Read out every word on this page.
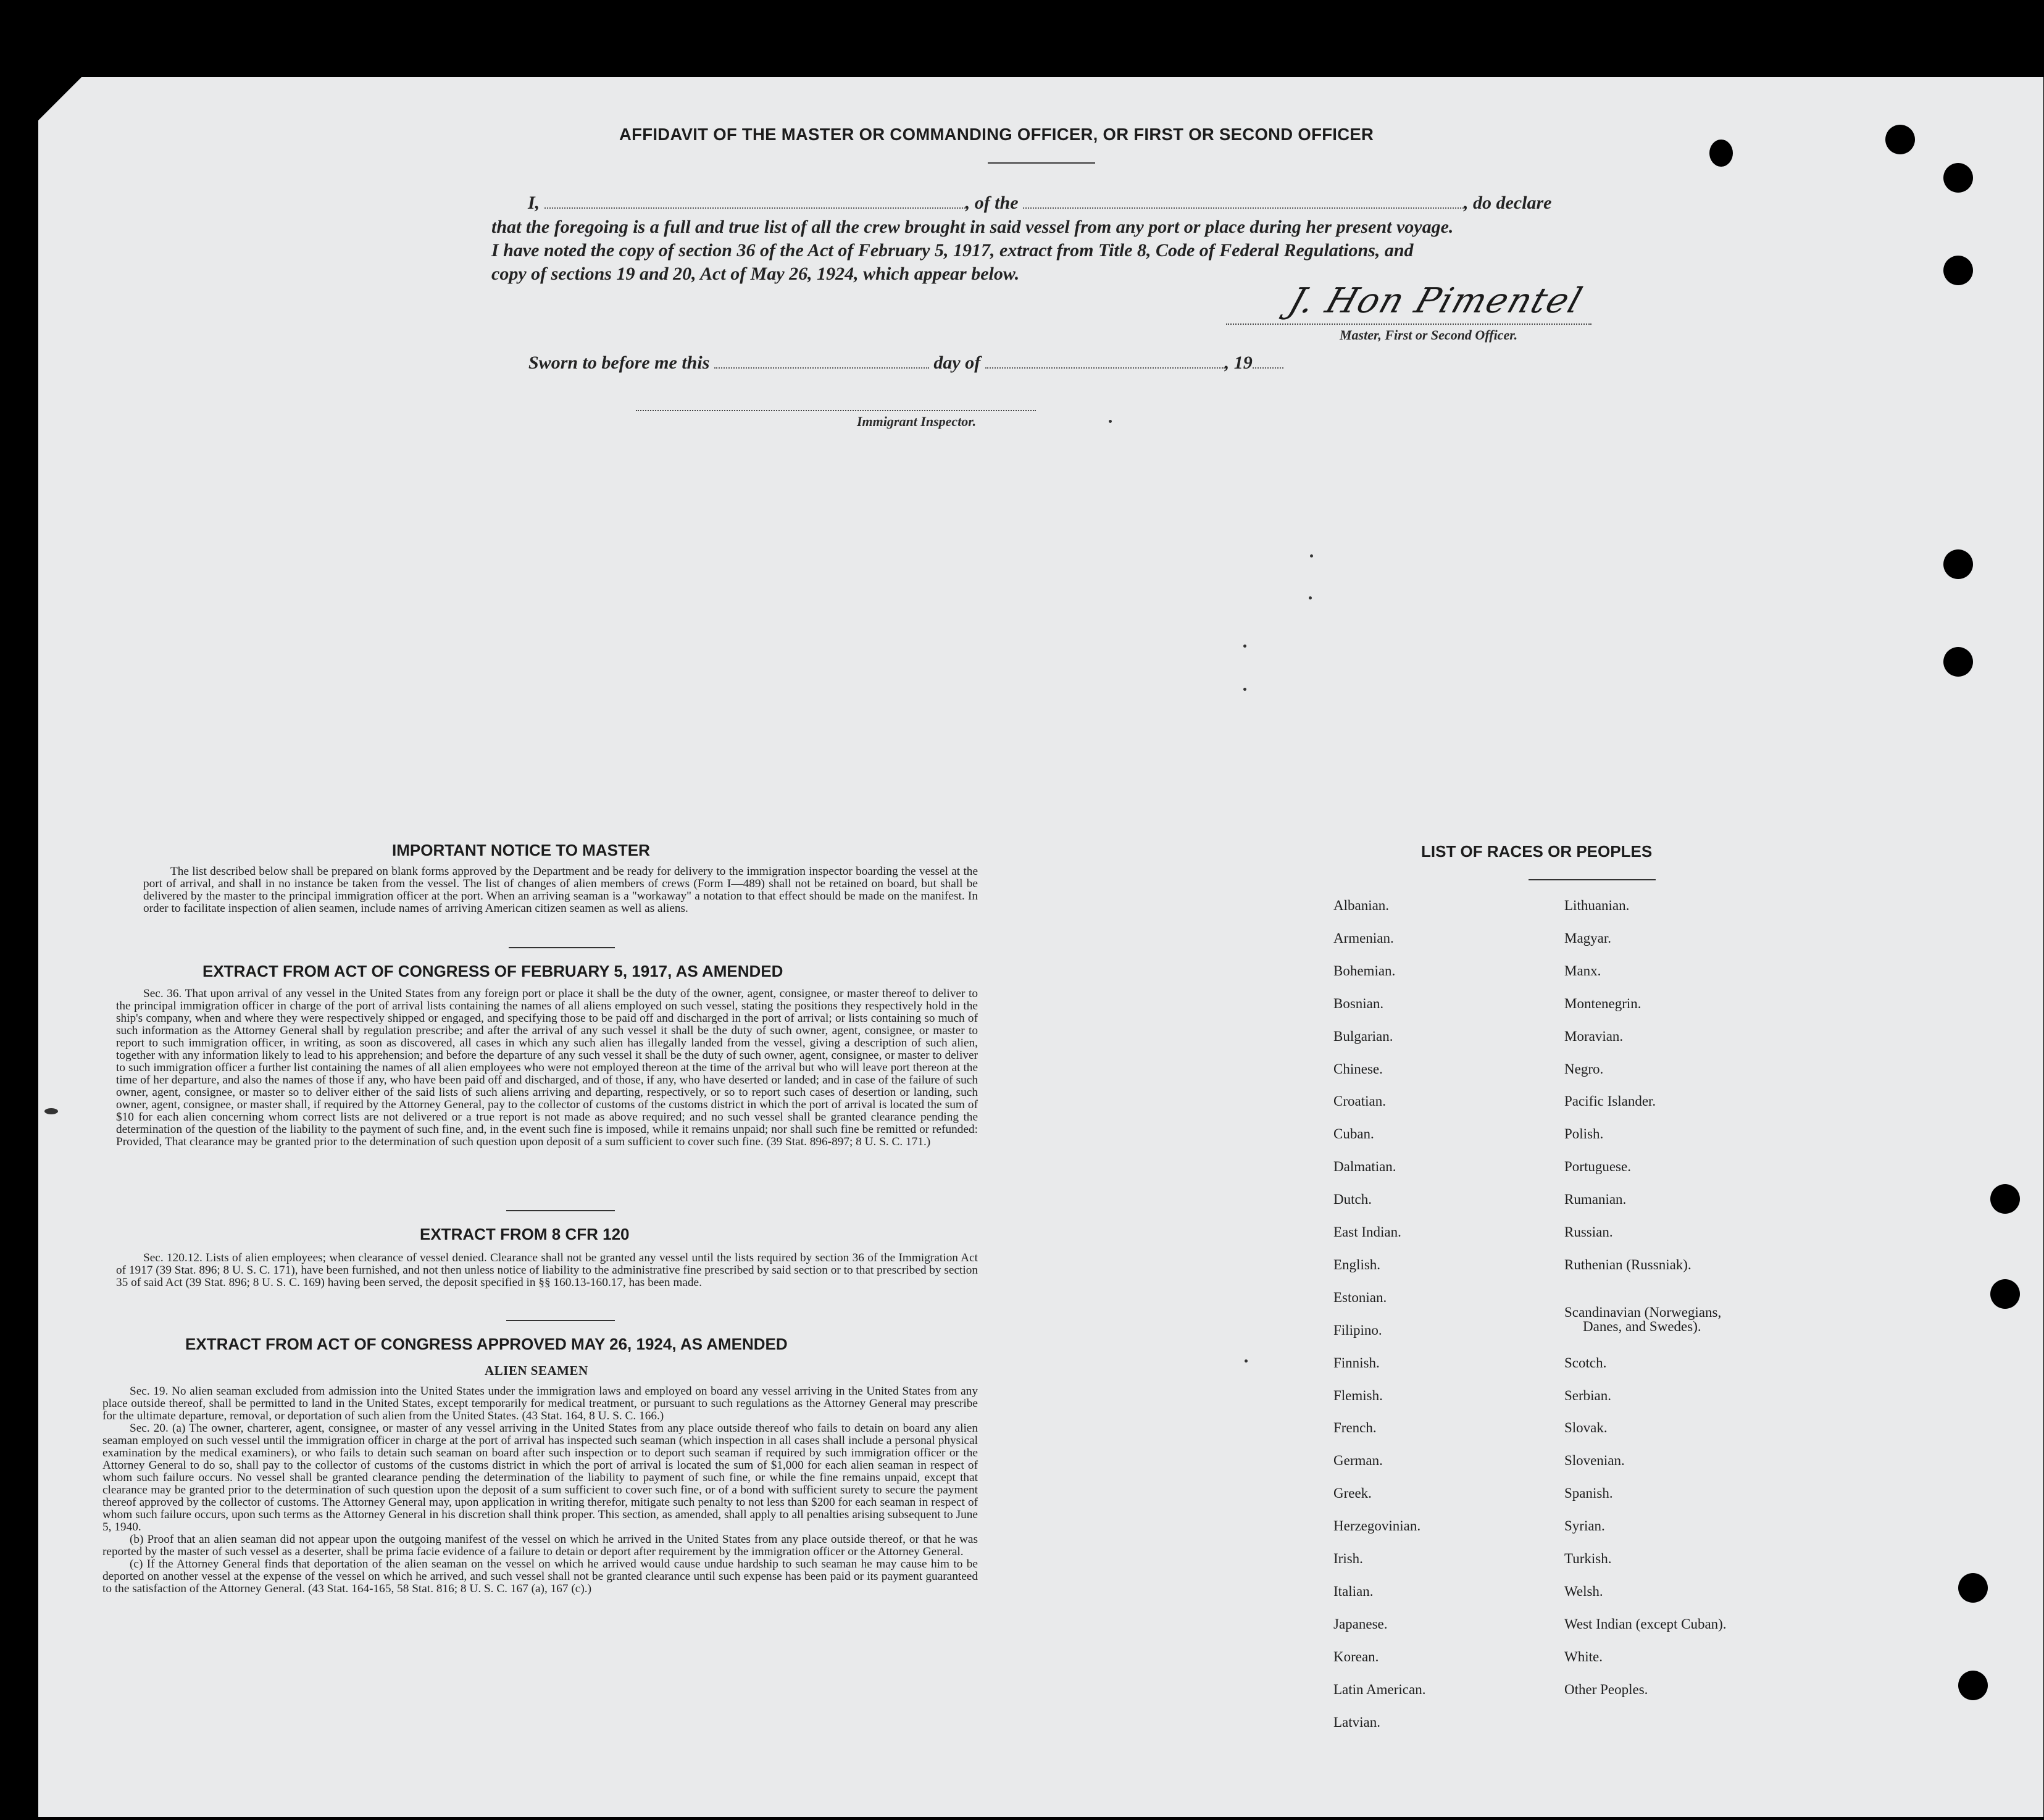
AFFIDAVIT OF THE MASTER OR COMMANDING OFFICER, OR FIRST OR SECOND OFFICER
I,	, of the	, do declare
that the foregoing is a full and true list of all the crew brought in said vessel from any port or place during her present voyage.
I have noted the copy of section 36 of the Act of February 5, 1917, extract from Title 8, Code of Federal Regulations, and
copy of sections 19 and 20, Act of May 26, 1924, which appear below.
J. Hon Pimentel
Master, First or Second Officer.
Sworn to before me this	day of	, 19
Immigrant Inspector.
IMPORTANT NOTICE TO MASTER

The list described below shall be prepared on blank forms approved by the Department and be ready for delivery to the immigration inspector boarding the vessel at the port of arrival, and shall in no instance be taken from the vessel. The list of changes of alien members of crews (Form I—489) shall not be retained on board, but shall be delivered by the master to the principal immigration officer at the port. When an arriving seaman is a "workaway" a notation to that effect should be made on the manifest. In order to facilitate inspection of alien seamen, include names of arriving American citizen seamen as well as aliens.

EXTRACT FROM ACT OF CONGRESS OF FEBRUARY 5, 1917, AS AMENDED

Sec. 36. That upon arrival of any vessel in the United States from any foreign port or place it shall be the duty of the owner, agent, consignee, or master thereof to deliver to the principal immigration officer in charge of the port of arrival lists containing the names of all aliens employed on such vessel, stating the positions they respectively hold in the ship's company, when and where they were respectively shipped or engaged, and specifying those to be paid off and discharged in the port of arrival; or lists containing so much of such information as the Attorney General shall by regulation prescribe; and after the arrival of any such vessel it shall be the duty of such owner, agent, consignee, or master to report to such immigration officer, in writing, as soon as discovered, all cases in which any such alien has illegally landed from the vessel, giving a description of such alien, together with any information likely to lead to his apprehension; and before the departure of any such vessel it shall be the duty of such owner, agent, consignee, or master to deliver to such immigration officer a further list containing the names of all alien employees who were not employed thereon at the time of the arrival but who will leave port thereon at the time of her departure, and also the names of those if any, who have been paid off and discharged, and of those, if any, who have deserted or landed; and in case of the failure of such owner, agent, consignee, or master so to deliver either of the said lists of such aliens arriving and departing, respectively, or so to report such cases of desertion or landing, such owner, agent, consignee, or master shall, if required by the Attorney General, pay to the collector of customs of the customs district in which the port of arrival is located the sum of $10 for each alien concerning whom correct lists are not delivered or a true report is not made as above required; and no such vessel shall be granted clearance pending the determination of the question of the liability to the payment of such fine, and, in the event such fine is imposed, while it remains unpaid; nor shall such fine be remitted or refunded: Provided, That clearance may be granted prior to the determination of such question upon deposit of a sum sufficient to cover such fine. (39 Stat. 896-897; 8 U. S. C. 171.)

EXTRACT FROM 8 CFR 120

Sec. 120.12. Lists of alien employees; when clearance of vessel denied. Clearance shall not be granted any vessel until the lists required by section 36 of the Immigration Act of 1917 (39 Stat. 896; 8 U. S. C. 171), have been furnished, and not then unless notice of liability to the administrative fine prescribed by said section or to that prescribed by section 35 of said Act (39 Stat. 896; 8 U. S. C. 169) having been served, the deposit specified in §§ 160.13-160.17, has been made.

EXTRACT FROM ACT OF CONGRESS APPROVED MAY 26, 1924, AS AMENDED
ALIEN SEAMEN

Sec. 19. No alien seaman excluded from admission into the United States under the immigration laws and employed on board any vessel arriving in the United States from any place outside thereof, shall be permitted to land in the United States, except temporarily for medical treatment, or pursuant to such regulations as the Attorney General may prescribe for the ultimate departure, removal, or deportation of such alien from the United States. (43 Stat. 164, 8 U. S. C. 166.)

Sec. 20. (a) The owner, charterer, agent, consignee, or master of any vessel arriving in the United States from any place outside thereof who fails to detain on board any alien seaman employed on such vessel until the immigration officer in charge at the port of arrival has inspected such seaman (which inspection in all cases shall include a personal physical examination by the medical examiners), or who fails to detain such seaman on board after such inspection or to deport such seaman if required by such immigration officer or the Attorney General to do so, shall pay to the collector of customs of the customs district in which the port of arrival is located the sum of $1,000 for each alien seaman in respect of whom such failure occurs. No vessel shall be granted clearance pending the determination of the liability to payment of such fine, or while the fine remains unpaid, except that clearance may be granted prior to the determination of such question upon the deposit of a sum sufficient to cover such fine, or of a bond with sufficient surety to secure the payment thereof approved by the collector of customs. The Attorney General may, upon application in writing therefor, mitigate such penalty to not less than $200 for each seaman in respect of whom such failure occurs, upon such terms as the Attorney General in his discretion shall think proper. This section, as amended, shall apply to all penalties arising subsequent to June 5, 1940.

(b) Proof that an alien seaman did not appear upon the outgoing manifest of the vessel on which he arrived in the United States from any place outside thereof, or that he was reported by the master of such vessel as a deserter, shall be prima facie evidence of a failure to detain or deport after requirement by the immigration officer or the Attorney General.

(c) If the Attorney General finds that deportation of the alien seaman on the vessel on which he arrived would cause undue hardship to such seaman he may cause him to be deported on another vessel at the expense of the vessel on which he arrived, and such vessel shall not be granted clearance until such expense has been paid or its payment guaranteed to the satisfaction of the Attorney General. (43 Stat. 164-165, 58 Stat. 816; 8 U. S. C. 167 (a), 167 (c).)

LIST OF RACES OR PEOPLES
Albanian.
Armenian.
Bohemian.
Bosnian.
Bulgarian.
Chinese.
Croatian.
Cuban.
Dalmatian.
Dutch.
East Indian.
English.
Estonian.
Filipino.
Finnish.
Flemish.
French.
German.
Greek.
Herzegovinian.
Irish.
Italian.
Japanese.
Korean.
Latin American.
Latvian.
Lithuanian.
Magyar.
Manx.
Montenegrin.
Moravian.
Negro.
Pacific Islander.
Polish.
Portuguese.
Rumanian.
Russian.
Ruthenian (Russniak).
Scandinavian (Norwegians,
Danes, and Swedes).
Scotch.
Serbian.
Slovak.
Slovenian.
Spanish.
Syrian.
Turkish.
Welsh.
West Indian (except Cuban).
White.
Other Peoples.
